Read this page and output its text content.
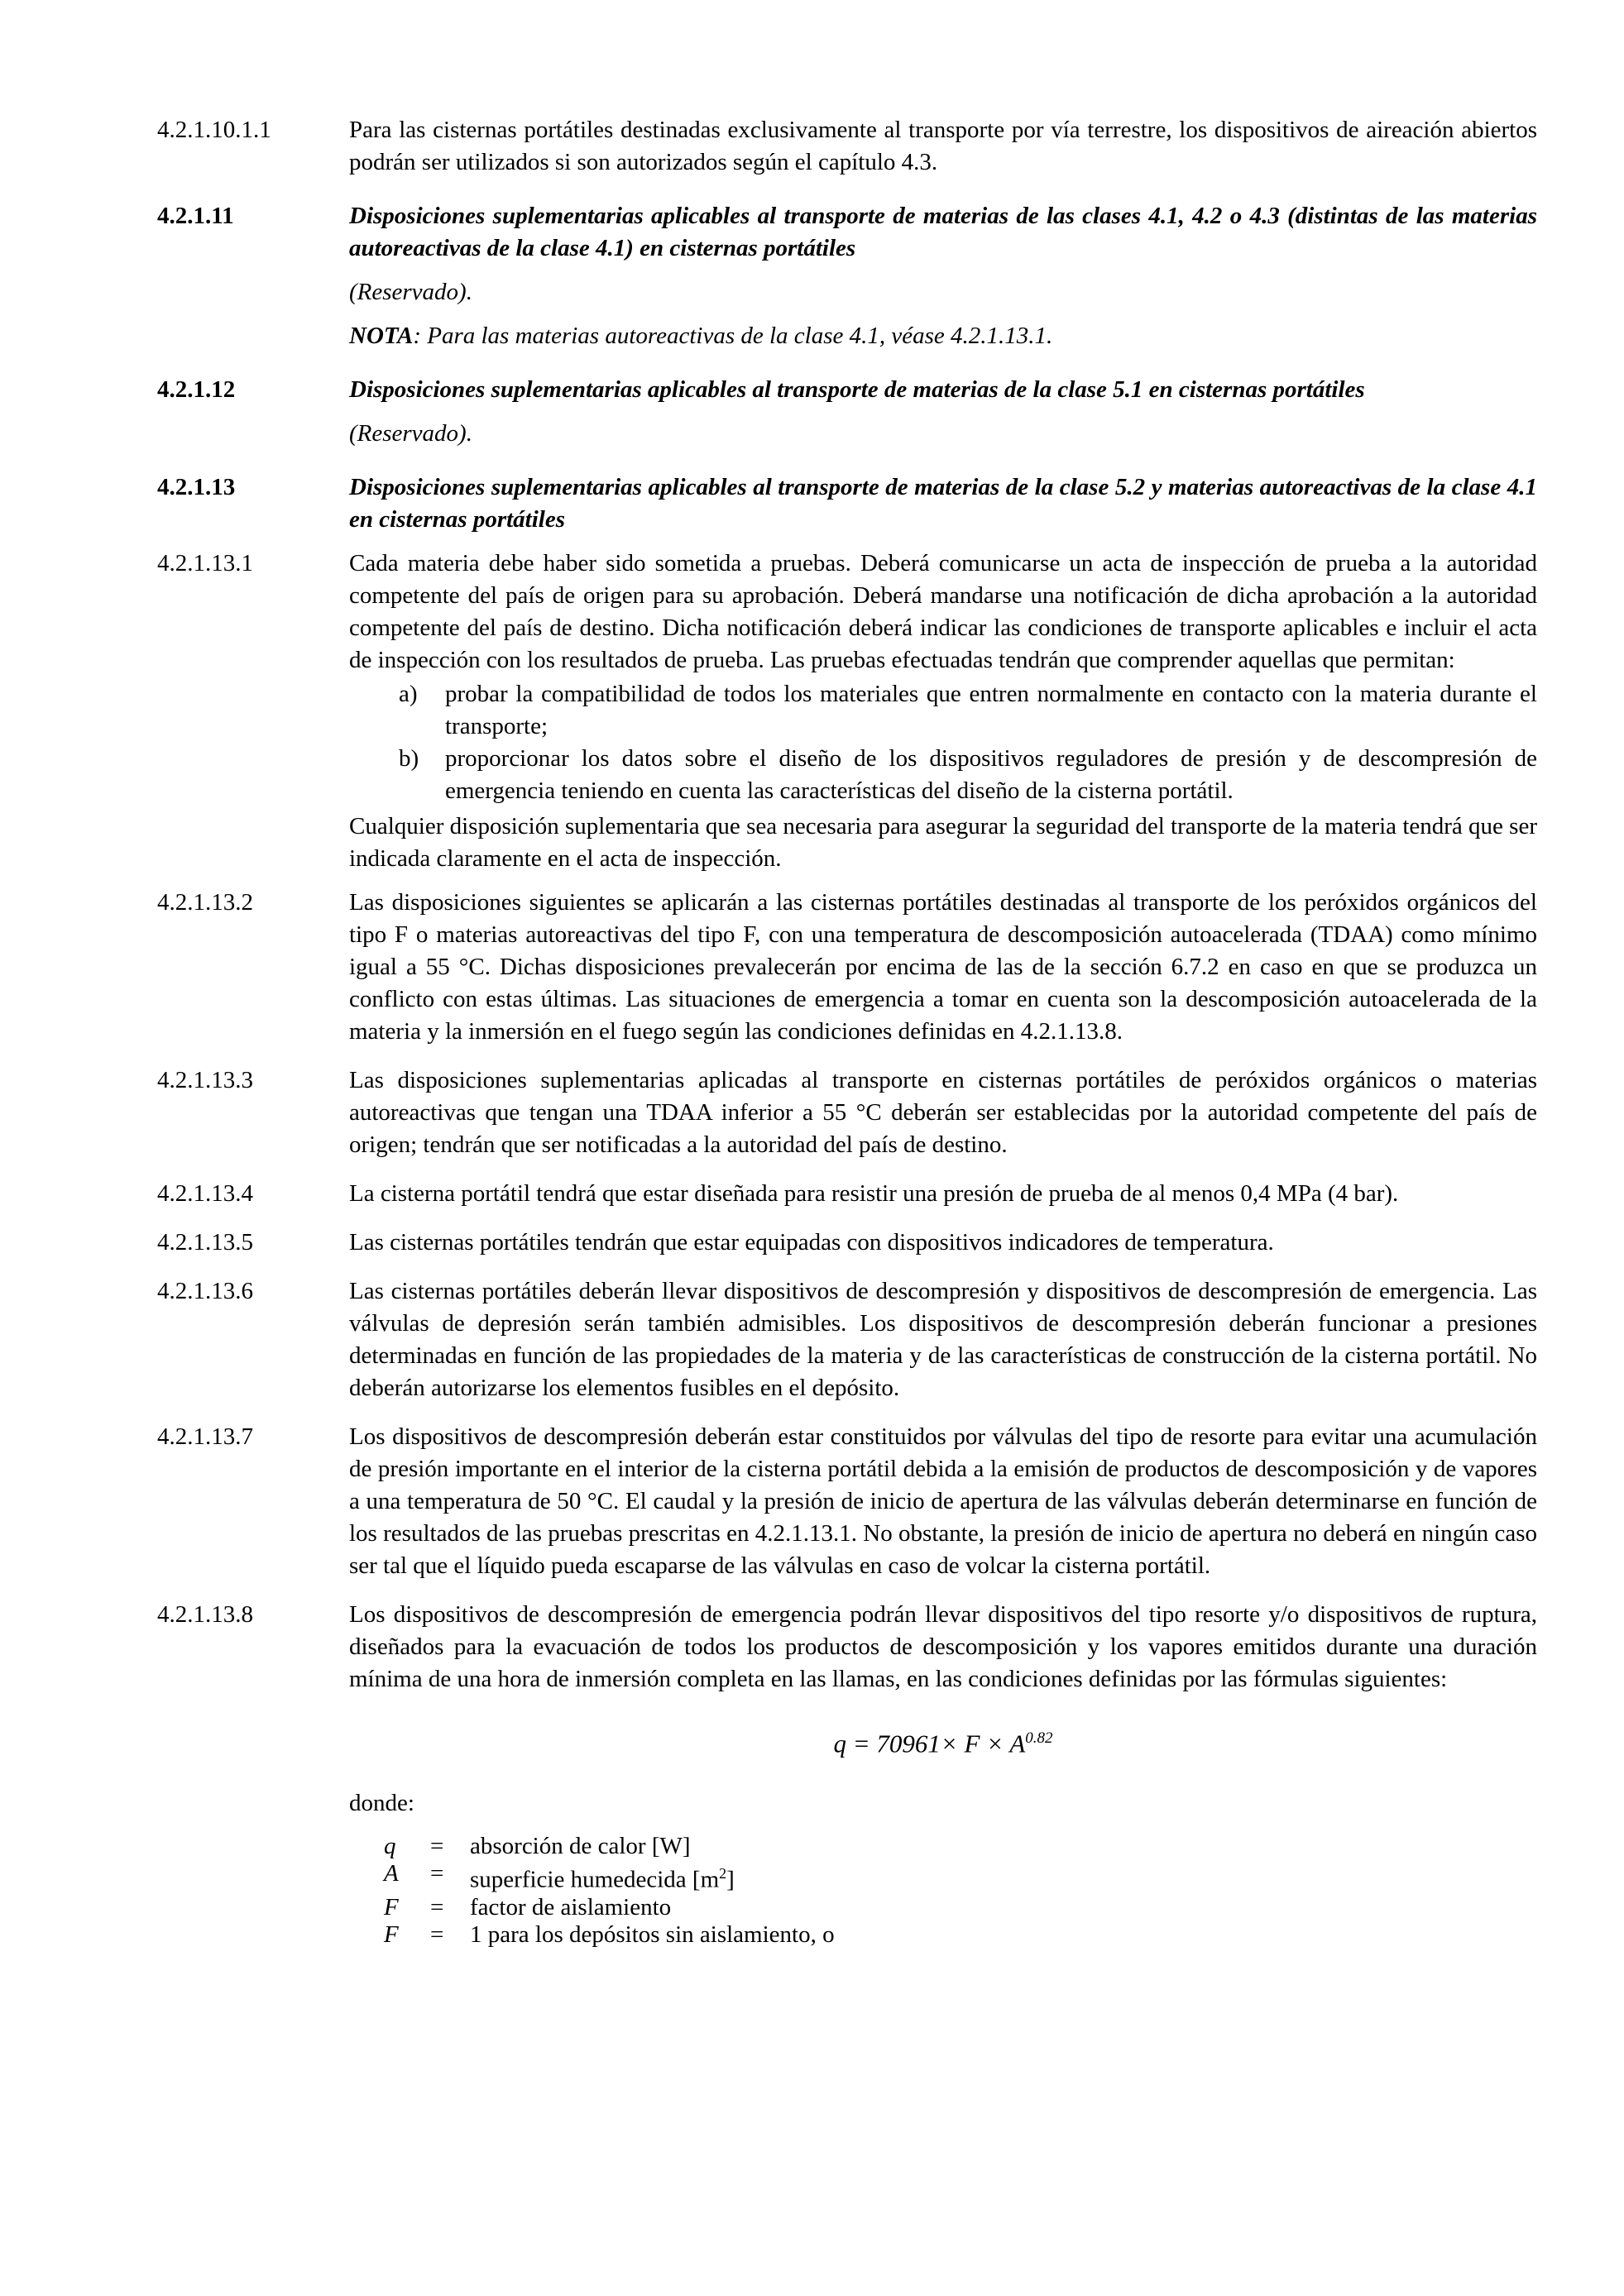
4.2.1.10.1.1	Para las cisternas portátiles destinadas exclusivamente al transporte por vía terrestre, los dispositivos de aireación abiertos podrán ser utilizados si son autorizados según el capítulo 4.3.

4.2.1.11	Disposiciones suplementarias aplicables al transporte de materias de las clases 4.1, 4.2 o 4.3 (distintas de las materias autoreactivas de la clase 4.1) en cisternas portátiles

(Reservado).

NOTA: Para las materias autoreactivas de la clase 4.1, véase 4.2.1.13.1.

4.2.1.12	Disposiciones suplementarias aplicables al transporte de materias de la clase 5.1 en cisternas portátiles

(Reservado).

4.2.1.13	Disposiciones suplementarias aplicables al transporte de materias de la clase 5.2 y materias autoreactivas de la clase 4.1 en cisternas portátiles

4.2.1.13.1	Cada materia debe haber sido sometida a pruebas. Deberá comunicarse un acta de inspección de prueba a la autoridad competente del país de origen para su aprobación. Deberá mandarse una notificación de dicha aprobación a la autoridad competente del país de destino. Dicha notificación deberá indicar las condiciones de transporte aplicables e incluir el acta de inspección con los resultados de prueba. Las pruebas efectuadas tendrán que comprender aquellas que permitan:

a)	probar la compatibilidad de todos los materiales que entren normalmente en contacto con la materia durante el transporte;
b)	proporcionar los datos sobre el diseño de los dispositivos reguladores de presión y de descompresión de emergencia teniendo en cuenta las características del diseño de la cisterna portátil.

Cualquier disposición suplementaria que sea necesaria para asegurar la seguridad del transporte de la materia tendrá que ser indicada claramente en el acta de inspección.

4.2.1.13.2	Las disposiciones siguientes se aplicarán a las cisternas portátiles destinadas al transporte de los peróxidos orgánicos del tipo F o materias autoreactivas del tipo F, con una temperatura de descomposición autoacelerada (TDAA) como mínimo igual a 55 °C. Dichas disposiciones prevalecerán por encima de las de la sección 6.7.2 en caso en que se produzca un conflicto con estas últimas. Las situaciones de emergencia a tomar en cuenta son la descomposición autoacelerada de la materia y la inmersión en el fuego según las condiciones definidas en 4.2.1.13.8.

4.2.1.13.3	Las disposiciones suplementarias aplicadas al transporte en cisternas portátiles de peróxidos orgánicos o materias autoreactivas que tengan una TDAA inferior a 55 °C deberán ser establecidas por la autoridad competente del país de origen; tendrán que ser notificadas a la autoridad del país de destino.

4.2.1.13.4	La cisterna portátil tendrá que estar diseñada para resistir una presión de prueba de al menos 0,4 MPa (4 bar).

4.2.1.13.5	Las cisternas portátiles tendrán que estar equipadas con dispositivos indicadores de temperatura.

4.2.1.13.6	Las cisternas portátiles deberán llevar dispositivos de descompresión y dispositivos de descompresión de emergencia. Las válvulas de depresión serán también admisibles. Los dispositivos de descompresión deberán funcionar a presiones determinadas en función de las propiedades de la materia y de las características de construcción de la cisterna portátil. No deberán autorizarse los elementos fusibles en el depósito.

4.2.1.13.7	Los dispositivos de descompresión deberán estar constituidos por válvulas del tipo de resorte para evitar una acumulación de presión importante en el interior de la cisterna portátil debida a la emisión de productos de descomposición y de vapores a una temperatura de 50 °C. El caudal y la presión de inicio de apertura de las válvulas deberán determinarse en función de los resultados de las pruebas prescritas en 4.2.1.13.1. No obstante, la presión de inicio de apertura no deberá en ningún caso ser tal que el líquido pueda escaparse de las válvulas en caso de volcar la cisterna portátil.

4.2.1.13.8	Los dispositivos de descompresión de emergencia podrán llevar dispositivos del tipo resorte y/o dispositivos de ruptura, diseñados para la evacuación de todos los productos de descomposición y los vapores emitidos durante una duración mínima de una hora de inmersión completa en las llamas, en las condiciones definidas por las fórmulas siguientes:

$q = 70961\times F \times A^{0.82}$

donde:

q	=	absorción de calor [W]
A	=	superficie humedecida $[m^2]$
F	=	factor de aislamiento
F	=	1 para los depósitos sin aislamiento, o
